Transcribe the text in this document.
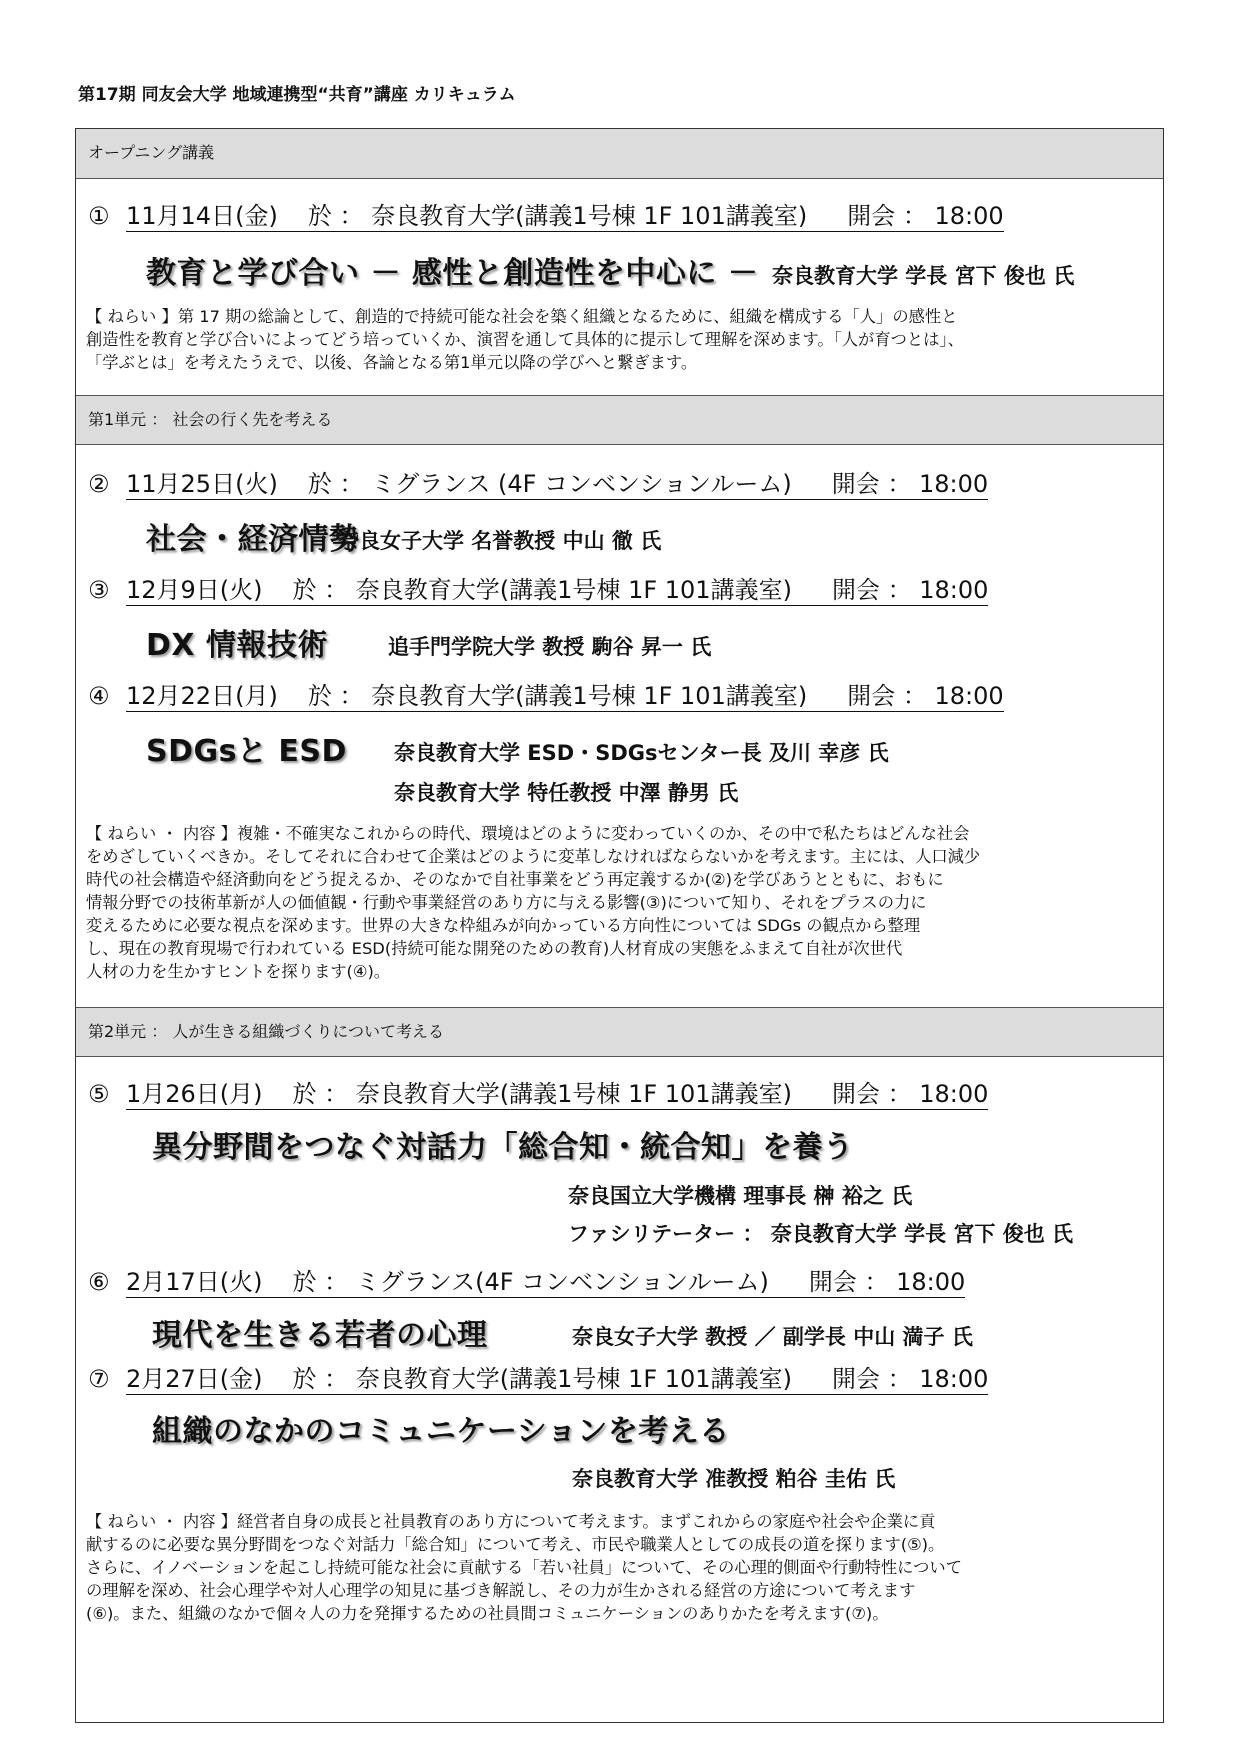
第17期 同友会大学 地域連携型“共育”講座 カリキュラム
オープニング講義
① 11月14日(金) 於 ： 奈良教育大学(講義1号棟 1F 101講義室) 開会 ： 18:00
教育と学び合い － 感性と創造性を中心に － 奈良教育大学 学長 宮下 俊也 氏
【 ねらい 】第 17 期の総論として、創造的で持続可能な社会を築く組織となるために、組織を構成する「人」の感性と
創造性を教育と学び合いによってどう培っていくか、演習を通して具体的に提示して理解を深めます。「人が育つとは」、
「学ぶとは」を考えたうえで、以後、各論となる第1単元以降の学びへと繋ぎます。
第1単元 ： 社会の行く先を考える
② 11月25日(火) 於 ： ミグランス (4F コンベンションルーム) 開会 ： 18:00
社会・経済情勢
奈良女子大学 名誉教授 中山 徹 氏
③ 12月9日(火) 於 ： 奈良教育大学(講義1号棟 1F 101講義室) 開会 ： 18:00
DX 情報技術	追手門学院大学 教授 駒谷 昇一 氏
④ 12月22日(月) 於 ： 奈良教育大学(講義1号棟 1F 101講義室) 開会 ： 18:00
SDGsと ESD 奈良教育大学 ESD・SDGsセンター長 及川 幸彦 氏
奈良教育大学 特任教授 中澤 静男 氏
【 ねらい ・ 内容 】複雑・不確実なこれからの時代、環境はどのように変わっていくのか、その中で私たちはどんな社会
をめざしていくべきか。そしてそれに合わせて企業はどのように変革しなければならないかを考えます。主には、人口減少
時代の社会構造や経済動向をどう捉えるか、そのなかで自社事業をどう再定義するか(②)を学びあうとともに、おもに
情報分野での技術革新が人の価値観・行動や事業経営のあり方に与える影響(③)について知り、それをプラスの力に
変えるために必要な視点を深めます。世界の大きな枠組みが向かっている方向性については SDGs の観点から整理
し、現在の教育現場で行われている ESD(持続可能な開発のための教育)人材育成の実態をふまえて自社が次世代
人材の力を生かすヒントを探ります(④)。
第2単元 ： 人が生きる組織づくりについて考える
⑤ 1月26日(月) 於 ： 奈良教育大学(講義1号棟 1F 101講義室) 開会 ： 18:00
異分野間をつなぐ対話力「総合知・統合知」を養う
奈良国立大学機構 理事長 榊 裕之 氏
ファシリテーター ： 奈良教育大学 学長 宮下 俊也 氏
⑥ 2月17日(火) 於 ： ミグランス(4F コンベンションルーム) 開会 ： 18:00
現代を生きる若者の心理	奈良女子大学 教授 ／ 副学長 中山 満子 氏
⑦ 2月27日(金) 於 ： 奈良教育大学(講義1号棟 1F 101講義室) 開会 ： 18:00
組織のなかのコミュニケーションを考える
奈良教育大学 准教授 粕谷 圭佑 氏
【 ねらい ・ 内容 】経営者自身の成長と社員教育のあり方について考えます。まずこれからの家庭や社会や企業に貢
献するのに必要な異分野間をつなぐ対話力「総合知」について考え、市民や職業人としての成長の道を探ります(⑤)。
さらに、イノベーションを起こし持続可能な社会に貢献する「若い社員」について、その心理的側面や行動特性について
の理解を深め、社会心理学や対人心理学の知見に基づき解説し、その力が生かされる経営の方途について考えます
(⑥)。また、組織のなかで個々人の力を発揮するための社員間コミュニケーションのありかたを考えます(⑦)。
